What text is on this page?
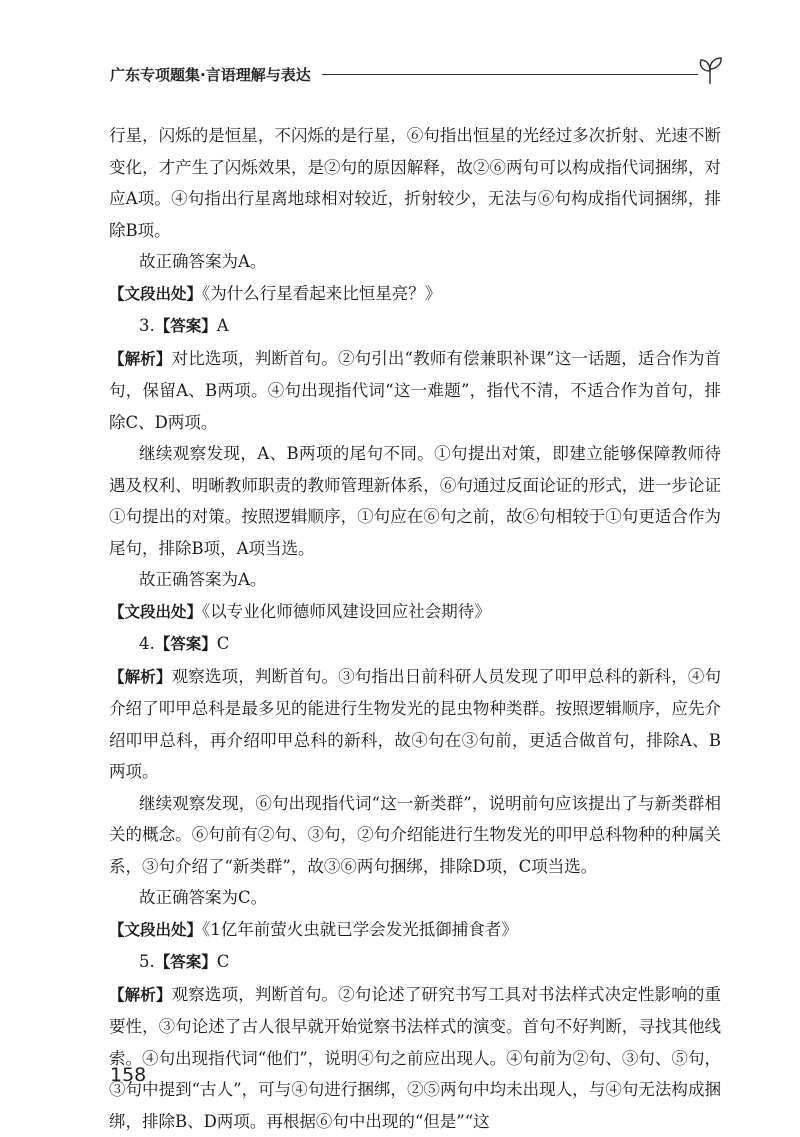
广东专项题集·言语理解与表达

行星，闪烁的是恒星，不闪烁的是行星，⑥句指出恒星的光经过多次折射、光速不断变化，才产生了闪烁效果，是②句的原因解释，故②⑥两句可以构成指代词捆绑，对应A项。④句指出行星离地球相对较近，折射较少，无法与⑥句构成指代词捆绑，排除B项。

故正确答案为A。

【文段出处】《为什么行星看起来比恒星亮？》

3.【答案】A

【解析】对比选项，判断首句。②句引出“教师有偿兼职补课”这一话题，适合作为首句，保留A、B两项。④句出现指代词“这一难题”，指代不清，不适合作为首句，排除C、D两项。

继续观察发现，A、B两项的尾句不同。①句提出对策，即建立能够保障教师待遇及权利、明晰教师职责的教师管理新体系，⑥句通过反面论证的形式，进一步论证①句提出的对策。按照逻辑顺序，①句应在⑥句之前，故⑥句相较于①句更适合作为尾句，排除B项，A项当选。

故正确答案为A。

【文段出处】《以专业化师德师风建设回应社会期待》

4.【答案】C

【解析】观察选项，判断首句。③句指出日前科研人员发现了叩甲总科的新科，④句介绍了叩甲总科是最多见的能进行生物发光的昆虫物种类群。按照逻辑顺序，应先介绍叩甲总科，再介绍叩甲总科的新科，故④句在③句前，更适合做首句，排除A、B两项。

继续观察发现，⑥句出现指代词“这一新类群”，说明前句应该提出了与新类群相关的概念。⑥句前有②句、③句，②句介绍能进行生物发光的叩甲总科物种的种属关系，③句介绍了“新类群”，故③⑥两句捆绑，排除D项，C项当选。

故正确答案为C。

【文段出处】《1亿年前萤火虫就已学会发光抵御捕食者》

5.【答案】C

【解析】观察选项，判断首句。②句论述了研究书写工具对书法样式决定性影响的重要性，③句论述了古人很早就开始觉察书法样式的演变。首句不好判断，寻找其他线索。④句出现指代词“他们”，说明④句之前应出现人。④句前为②句、③句、⑤句，③句中提到“古人”，可与④句进行捆绑，②⑤两句中均未出现人，与④句无法构成捆绑，排除B、D两项。再根据⑥句中出现的“但是”“这

158
